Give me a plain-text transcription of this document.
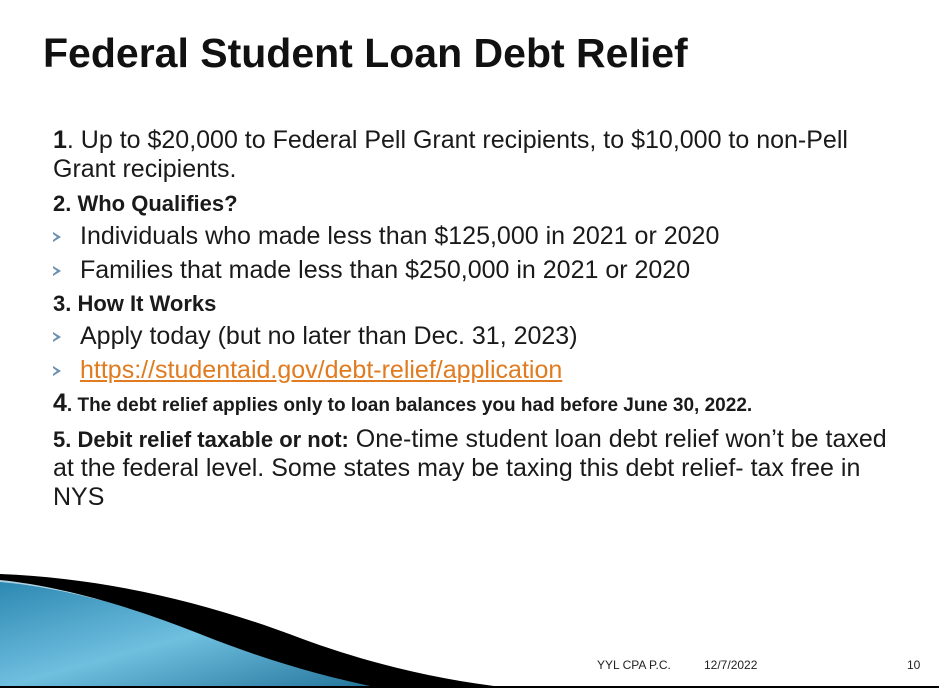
Federal Student Loan Debt Relief

1. Up to $20,000 to Federal Pell Grant recipients, to $10,000 to non-Pell Grant recipients.

2. Who Qualifies?

Individuals who made less than $125,000 in 2021 or 2020
Families that made less than $250,000 in 2021 or 2020

3. How It Works

Apply today (but no later than Dec. 31, 2023)
https://studentaid.gov/debt-relief/application

4. The debt relief applies only to loan balances you had before June 30, 2022.

5. Debit relief taxable or not: One-time student loan debt relief won’t be taxed at the federal level. Some states may be taxing this debt relief- tax free in NYS

YYL CPA P.C.	12/7/2022	10
